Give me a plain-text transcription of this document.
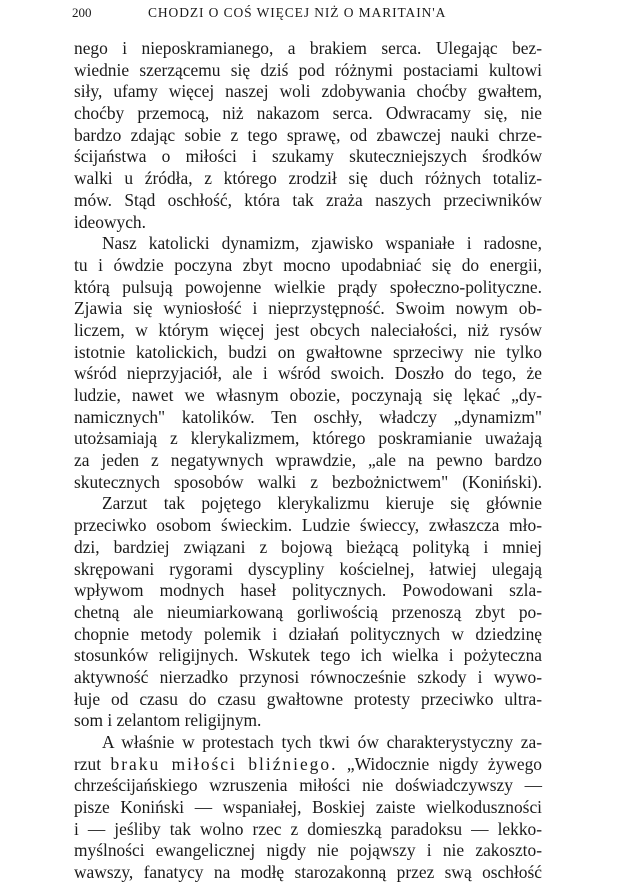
200	CHODZI O COŚ WIĘCEJ NIŻ O MARITAIN'A
nego i nieposkramianego, a brakiem serca. Ulegając bez-
wiednie szerzącemu się dziś pod różnymi postaciami kultowi
siły, ufamy więcej naszej woli zdobywania choćby gwałtem,
choćby przemocą, niż nakazom serca. Odwracamy się, nie
bardzo zdając sobie z tego sprawę, od zbawczej nauki chrze-
ścijaństwa o miłości i szukamy skuteczniejszych środków
walki u źródła, z którego zrodził się duch różnych totaliz-
mów. Stąd oschłość, która tak zraża naszych przeciwników
ideowych.
Nasz katolicki dynamizm, zjawisko wspaniałe i radosne,
tu i ówdzie poczyna zbyt mocno upodabniać się do energii,
którą pulsują powojenne wielkie prądy społeczno-polityczne.
Zjawia się wyniosłość i nieprzystępność. Swoim nowym ob-
liczem, w którym więcej jest obcych naleciałości, niż rysów
istotnie katolickich, budzi on gwałtowne sprzeciwy nie tylko
wśród nieprzyjaciół, ale i wśród swoich. Doszło do tego, że
ludzie, nawet we własnym obozie, poczynają się lękać „dy-
namicznych" katolików. Ten oschły, władczy „dynamizm"
utożsamiają z klerykalizmem, którego poskramianie uważają
za jeden z negatywnych wprawdzie, „ale na pewno bardzo
skutecznych sposobów walki z bezbożnictwem" (Koniński).
Zarzut tak pojętego klerykalizmu kieruje się głównie
przeciwko osobom świeckim. Ludzie świeccy, zwłaszcza mło-
dzi, bardziej związani z bojową bieżącą polityką i mniej
skrępowani rygorami dyscypliny kościelnej, łatwiej ulegają
wpływom modnych haseł politycznych. Powodowani szla-
chetną ale nieumiarkowaną gorliwością przenoszą zbyt po-
chopnie metody polemik i działań politycznych w dziedzinę
stosunków religijnych. Wskutek tego ich wielka i pożyteczna
aktywność nierzadko przynosi równocześnie szkody i wywo-
łuje od czasu do czasu gwałtowne protesty przeciwko ultra-
som i zelantom religijnym.
A właśnie w protestach tych tkwi ów charakterystyczny za-
rzut braku miłości bliźniego. „Widocznie nigdy żywego
chrześcijańskiego wzruszenia miłości nie doświadczywszy —
pisze Koniński — wspaniałej, Boskiej zaiste wielkoduszności
i — jeśliby tak wolno rzec z domieszką paradoksu — lekko-
myślności ewangelicznej nigdy nie pojąwszy i nie zakoszto-
wawszy, fanatycy na modłę starozakonną przez swą oschłość
